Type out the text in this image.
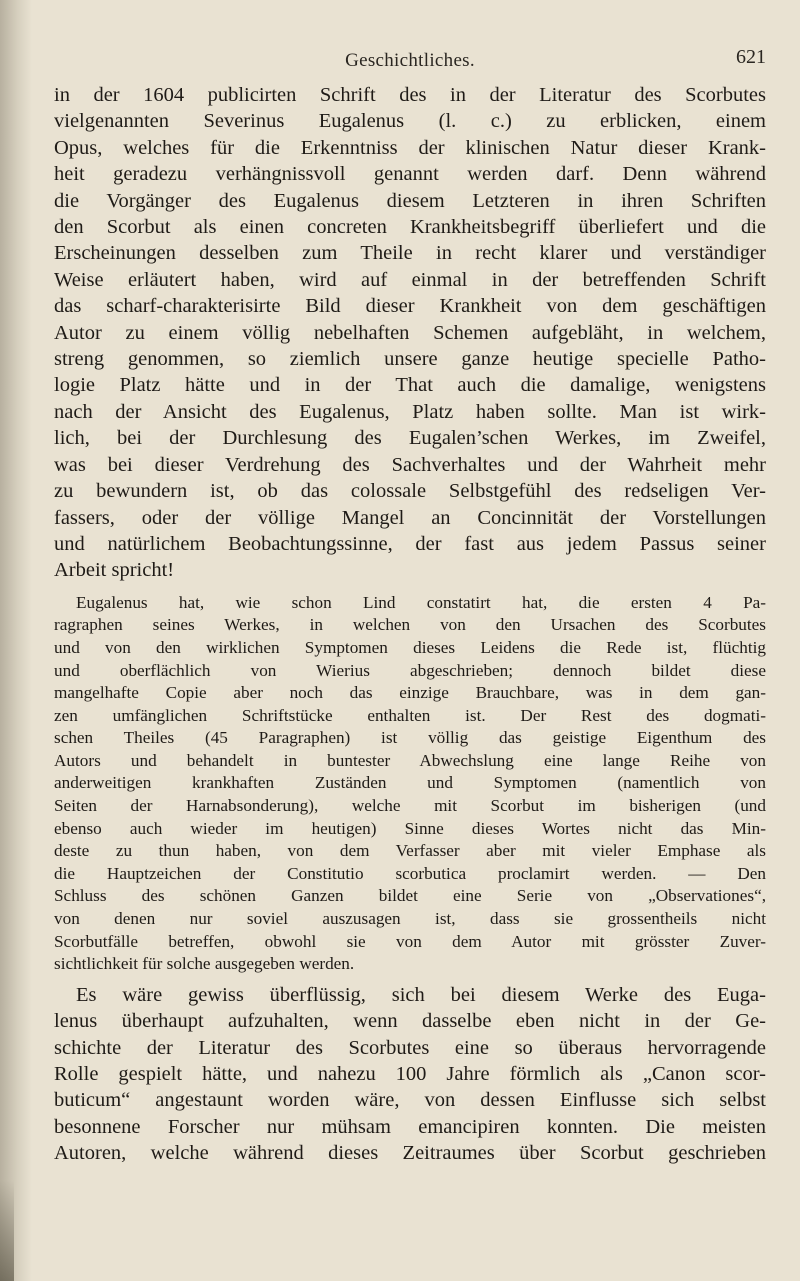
Geschichtliches.	621
in der 1604 publicirten Schrift des in der Literatur des Scorbutes
vielgenannten Severinus Eugalenus (l. c.) zu erblicken, einem
Opus, welches für die Erkenntniss der klinischen Natur dieser Krank-
heit geradezu verhängnissvoll genannt werden darf. Denn während
die Vorgänger des Eugalenus diesem Letzteren in ihren Schriften
den Scorbut als einen concreten Krankheitsbegriff überliefert und die
Erscheinungen desselben zum Theile in recht klarer und verständiger
Weise erläutert haben, wird auf einmal in der betreffenden Schrift
das scharf-charakterisirte Bild dieser Krankheit von dem geschäftigen
Autor zu einem völlig nebelhaften Schemen aufgebläht, in welchem,
streng genommen, so ziemlich unsere ganze heutige specielle Patho-
logie Platz hätte und in der That auch die damalige, wenigstens
nach der Ansicht des Eugalenus, Platz haben sollte. Man ist wirk-
lich, bei der Durchlesung des Eugalen’schen Werkes, im Zweifel,
was bei dieser Verdrehung des Sachverhaltes und der Wahrheit mehr
zu bewundern ist, ob das colossale Selbstgefühl des redseligen Ver-
fassers, oder der völlige Mangel an Concinnität der Vorstellungen
und natürlichem Beobachtungssinne, der fast aus jedem Passus seiner
Arbeit spricht!
Eugalenus hat, wie schon Lind constatirt hat, die ersten 4 Pa-
ragraphen seines Werkes, in welchen von den Ursachen des Scorbutes
und von den wirklichen Symptomen dieses Leidens die Rede ist, flüchtig
und oberflächlich von Wierius abgeschrieben; dennoch bildet diese
mangelhafte Copie aber noch das einzige Brauchbare, was in dem gan-
zen umfänglichen Schriftstücke enthalten ist. Der Rest des dogmati-
schen Theiles (45 Paragraphen) ist völlig das geistige Eigenthum des
Autors und behandelt in buntester Abwechslung eine lange Reihe von
anderweitigen krankhaften Zuständen und Symptomen (namentlich von
Seiten der Harnabsonderung), welche mit Scorbut im bisherigen (und
ebenso auch wieder im heutigen) Sinne dieses Wortes nicht das Min-
deste zu thun haben, von dem Verfasser aber mit vieler Emphase als
die Hauptzeichen der Constitutio scorbutica proclamirt werden. — Den
Schluss des schönen Ganzen bildet eine Serie von „Observationes“,
von denen nur soviel auszusagen ist, dass sie grossentheils nicht
Scorbutfälle betreffen, obwohl sie von dem Autor mit grösster Zuver-
sichtlichkeit für solche ausgegeben werden.
Es wäre gewiss überflüssig, sich bei diesem Werke des Euga-
lenus überhaupt aufzuhalten, wenn dasselbe eben nicht in der Ge-
schichte der Literatur des Scorbutes eine so überaus hervorragende
Rolle gespielt hätte, und nahezu 100 Jahre förmlich als „Canon scor-
buticum“ angestaunt worden wäre, von dessen Einflusse sich selbst
besonnene Forscher nur mühsam emancipiren konnten. Die meisten
Autoren, welche während dieses Zeitraumes über Scorbut geschrieben
